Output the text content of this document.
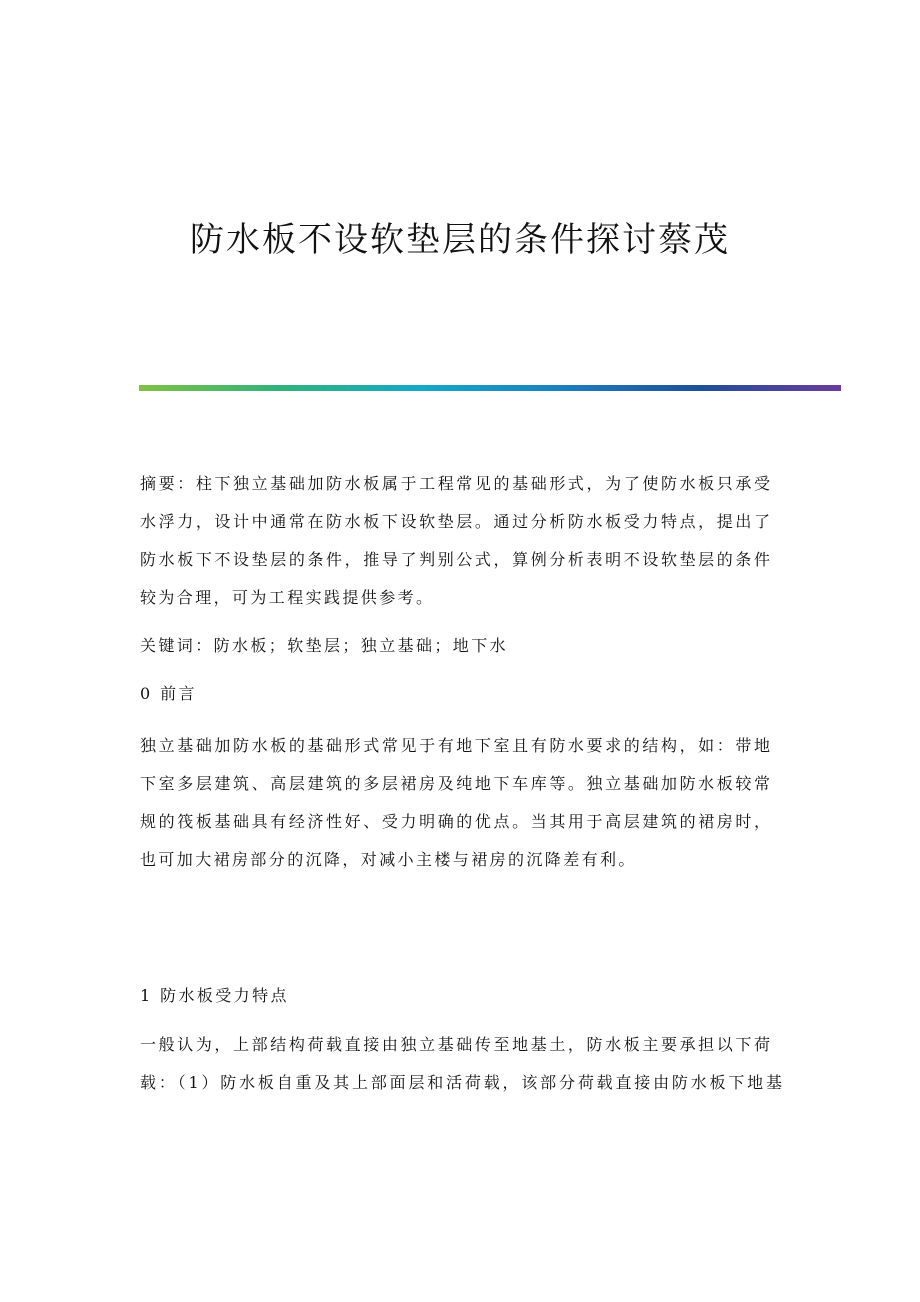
防水板不设软垫层的条件探讨蔡茂
摘要：柱下独立基础加防水板属于工程常见的基础形式，为了使防水板只承受
水浮力，设计中通常在防水板下设软垫层。通过分析防水板受力特点，提出了
防水板下不设垫层的条件，推导了判别公式，算例分析表明不设软垫层的条件
较为合理，可为工程实践提供参考。
关键词：防水板；软垫层；独立基础；地下水
0 前言
独立基础加防水板的基础形式常见于有地下室且有防水要求的结构，如：带地
下室多层建筑、高层建筑的多层裙房及纯地下车库等。独立基础加防水板较常
规的筏板基础具有经济性好、受力明确的优点。当其用于高层建筑的裙房时，
也可加大裙房部分的沉降，对减小主楼与裙房的沉降差有利。
1 防水板受力特点
一般认为，上部结构荷载直接由独立基础传至地基土，防水板主要承担以下荷
载：（1）防水板自重及其上部面层和活荷载，该部分荷载直接由防水板下地基
